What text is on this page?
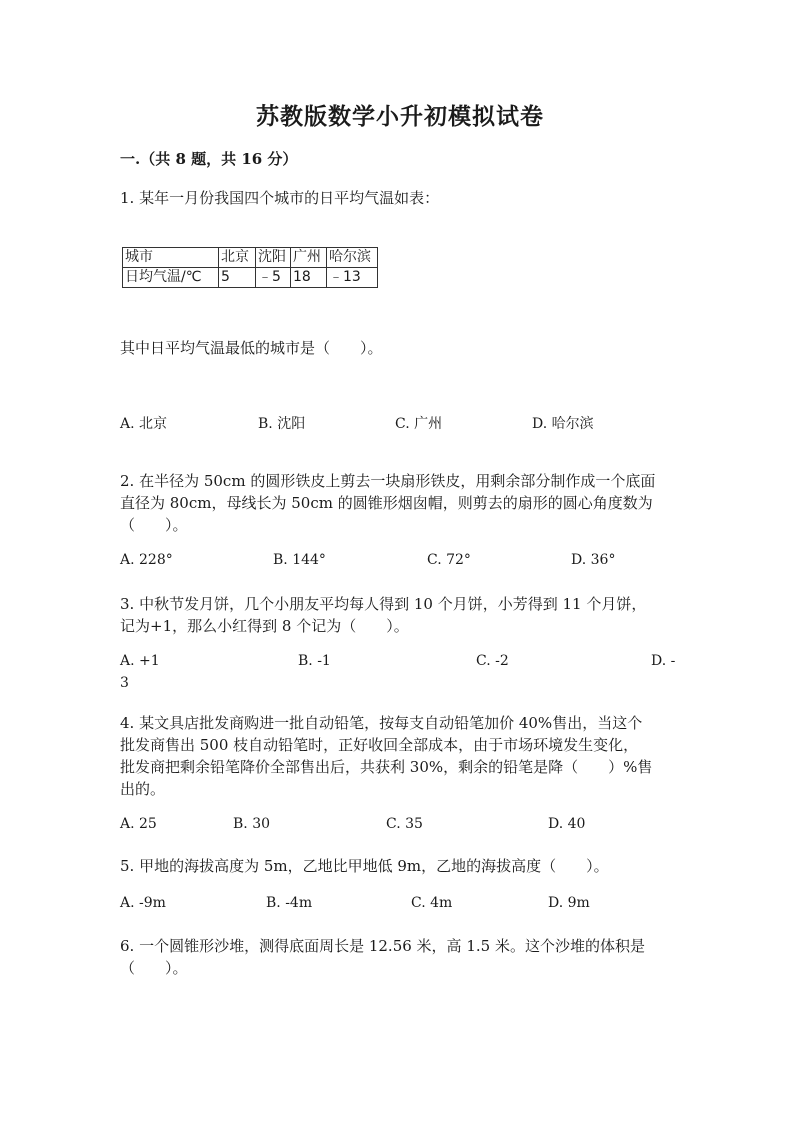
苏教版数学小升初模拟试卷
一.（共 8 题，共 16 分）
1. 某年一月份我国四个城市的日平均气温如表：
城市	北京	沈阳	广州	哈尔滨
日均气温/℃	5	﹣5	18	﹣13
其中日平均气温最低的城市是（　　）。
A. 北京	B. 沈阳	C. 广州	D. 哈尔滨
2. 在半径为 50cm 的圆形铁皮上剪去一块扇形铁皮，用剩余部分制作成一个底面
直径为 80cm，母线长为 50cm 的圆锥形烟囱帽，则剪去的扇形的圆心角度数为
（　　）。
A. 228°	B. 144°	C. 72°	D. 36°
3. 中秋节发月饼，几个小朋友平均每人得到 10 个月饼，小芳得到 11 个月饼，
记为+1，那么小红得到 8 个记为（　　）。
A. +1	B. -1	C. -2	D. -
3
4. 某文具店批发商购进一批自动铅笔，按每支自动铅笔加价 40%售出，当这个
批发商售出 500 枝自动铅笔时，正好收回全部成本，由于市场环境发生变化，
批发商把剩余铅笔降价全部售出后，共获利 30%，剩余的铅笔是降（　　）%售
出的。
A. 25	B. 30	C. 35	D. 40
5. 甲地的海拔高度为 5m，乙地比甲地低 9m，乙地的海拔高度（　　）。
A. -9m	B. -4m	C. 4m	D. 9m
6. 一个圆锥形沙堆，测得底面周长是 12.56 米，高 1.5 米。这个沙堆的体积是
（　　）。
